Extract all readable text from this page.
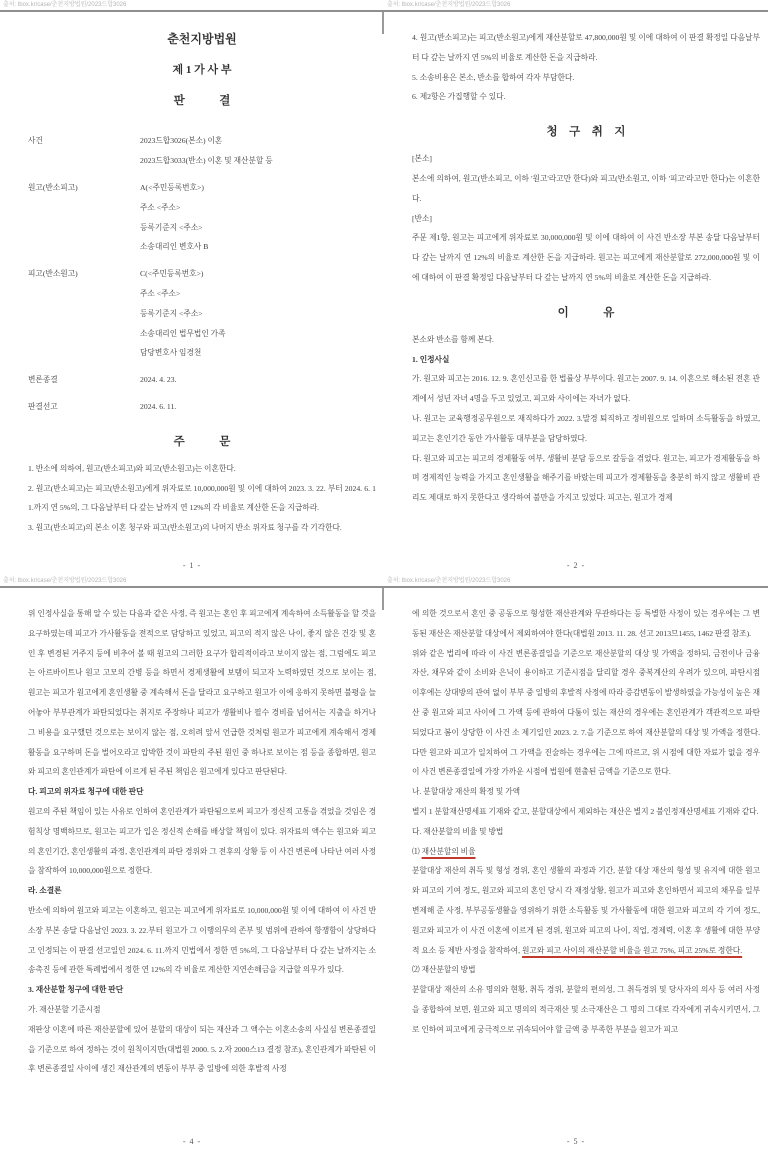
출처: lbox.kr/case/춘천지방법원/2023드합3026
춘천지방법원
제 1 가 사 부
판　　　결
사건	2023드합3026(본소) 이혼
2023드합3033(반소) 이혼 및 재산분할 등
원고(반소피고)	A(<주민등록번호>)
주소 <주소>
등록기준지 <주소>
소송대리인 변호사 B
피고(반소원고)	C(<주민등록번호>)
주소 <주소>
등록기준지 <주소>
소송대리인 법무법인 가족
담당변호사 임경천
변론종결	2024. 4. 23.
판결선고	2024. 6. 11.
주　　　문
1. 반소에 의하여, 원고(반소피고)와 피고(반소원고)는 이혼한다.
2. 원고(반소피고)는 피고(반소원고)에게 위자료로 10,000,000원 및 이에 대하여 2023. 3. 22. 부터 2024. 6. 11.까지 연 5%의, 그 다음날부터 다 갚는 날까지 연 12%의 각 비율로 계산한 돈을 지급하라.
3. 원고(반소피고)의 본소 이혼 청구와 피고(반소원고)의 나머지 반소 위자료 청구를 각 기각한다.
- 1 -
출처: lbox.kr/case/춘천지방법원/2023드합3026
4. 원고(반소피고)는 피고(반소원고)에게 재산분할로 47,800,000원 및 이에 대하여 이 판결 확정일 다음날부터 다 갚는 날까지 연 5%의 비율로 계산한 돈을 지급하라.
5. 소송비용은 본소, 반소를 합하여 각자 부담한다.
6. 제2항은 가집행할 수 있다.
청　구　취　지
[본소]
본소에 의하여, 원고(반소피고, 이하 '원고'라고만 한다)와 피고(반소원고, 이하 '피고'라고만 한다)는 이혼한다.
[반소]
주문 제1항, 원고는 피고에게 위자료로 30,000,000원 및 이에 대하여 이 사건 반소장 부본 송달 다음날부터 다 갚는 날까지 연 12%의 비율로 계산한 돈을 지급하라. 원고는 피고에게 재산분할로 272,000,000원 및 이에 대하여 이 판결 확정일 다음날부터 다 갚는 날까지 연 5%의 비율로 계산한 돈을 지급하라.
이　　　유
본소와 반소를 함께 본다.
1. 인정사실
가. 원고와 피고는 2016. 12. 9. 혼인신고를 한 법률상 부부이다. 원고는 2007. 9. 14. 이혼으로 해소된 전혼 관계에서 성년 자녀 4명을 두고 있었고, 피고와 사이에는 자녀가 없다.
나. 원고는 교육행정공무원으로 재직하다가 2022. 3.말경 퇴직하고 정비원으로 일하며 소득활동을 하였고, 피고는 혼인기간 동안 가사활동 대부분을 담당하였다.
다. 원고와 피고는 피고의 경제활동 여부, 생활비 분담 등으로 갈등을 겪었다. 원고는, 피고가 경제활동을 하며 경제적인 능력을 가지고 혼인생활을 해주기를 바랐는데 피고가 경제활동을 충분히 하지 않고 생활비 관리도 제대로 하지 못한다고 생각하여 불만을 가지고 있었다. 피고는, 원고가 경제
- 2 -
출처: lbox.kr/case/춘천지방법원/2023드합3026
위 인정사실을 통해 알 수 있는 다음과 같은 사정, 즉 원고는 혼인 후 피고에게 계속하여 소득활동을 할 것을 요구하였는데 피고가 가사활동을 전적으로 담당하고 있었고, 피고의 적지 않은 나이, 좋지 않은 건강 및 혼인 후 변경된 거주지 등에 비추어 볼 때 원고의 그러한 요구가 합리적이라고 보이지 않는 점, 그럼에도 피고는 아르바이트나 원고 고모의 간병 등을 하면서 경제생활에 보탬이 되고자 노력하였던 것으로 보이는 점, 원고는 피고가 원고에게 혼인생활 중 계속해서 돈을 달라고 요구하고 원고가 이에 응하지 못하면 불평을 늘어놓아 부부관계가 파탄되었다는 취지로 주장하나 피고가 생활비나 필수 경비를 넘어서는 지출을 하거나 그 비용을 요구했던 것으로는 보이지 않는 점, 오히려 앞서 언급한 것처럼 원고가 피고에게 계속해서 경제활동을 요구하며 돈을 벌어오라고 압박한 것이 파탄의 주된 원인 중 하나로 보이는 점 등을 종합하면, 원고와 피고의 혼인관계가 파탄에 이르게 된 주된 책임은 원고에게 있다고 판단된다.
다. 피고의 위자료 청구에 대한 판단
원고의 주된 책임이 있는 사유로 인하여 혼인관계가 파탄됨으로써 피고가 정신적 고통을 겪었을 것임은 경험칙상 명백하므로, 원고는 피고가 입은 정신적 손해를 배상할 책임이 있다. 위자료의 액수는 원고와 피고의 혼인기간, 혼인생활의 과정, 혼인관계의 파탄 경위와 그 전후의 상황 등 이 사건 변론에 나타난 여러 사정을 참작하여 10,000,000원으로 정한다.
라. 소결론
반소에 의하여 원고와 피고는 이혼하고, 원고는 피고에게 위자료로 10,000,000원 및 이에 대하여 이 사건 반소장 부본 송달 다음날인 2023. 3. 22.부터 원고가 그 이행의무의 존부 및 범위에 관하여 항쟁함이 상당하다고 인정되는 이 판결 선고일인 2024. 6. 11.까지 민법에서 정한 연 5%의, 그 다음날부터 다 갚는 날까지는 소송촉진 등에 관한 특례법에서 정한 연 12%의 각 비율로 계산한 지연손해금을 지급할 의무가 있다.
3. 재산분할 청구에 대한 판단
가. 재산분할 기준시점
재판상 이혼에 따른 재산분할에 있어 분할의 대상이 되는 재산과 그 액수는 이혼소송의 사실심 변론종결일을 기준으로 하여 정하는 것이 원칙이지만(대법원 2000. 5. 2.자 2000스13 결정 참조), 혼인관계가 파탄된 이후 변론종결일 사이에 생긴 재산관계의 변동이 부부 중 일방에 의한 후발적 사정
- 4 -
출처: lbox.kr/case/춘천지방법원/2023드합3026
에 의한 것으로서 혼인 중 공동으로 형성한 재산관계와 무관하다는 등 특별한 사정이 있는 경우에는 그 변동된 재산은 재산분할 대상에서 제외하여야 한다(대법원 2013. 11. 28. 선고 2013므1455, 1462 판결 참조).
위와 같은 법리에 따라 이 사건 변론종결일을 기준으로 재산분할의 대상 및 가액을 정하되, 금전이나 금융자산, 채무와 같이 소비와 은닉이 용이하고 기준시점을 달리할 경우 중복계산의 우려가 있으며, 파탄시점 이후에는 상대방의 관여 없이 부부 중 일방의 후발적 사정에 따라 증감변동이 발생하였을 가능성이 높은 재산 중 원고와 피고 사이에 그 가액 등에 관하여 다툼이 있는 재산의 경우에는 혼인관계가 객관적으로 파탄되었다고 봄이 상당한 이 사건 소 제기일인 2023. 2. 7.을 기준으로 하여 재산분할의 대상 및 가액을 정한다. 다만 원고와 피고가 일치하여 그 가액을 진술하는 경우에는 그에 따르고, 위 시점에 대한 자료가 없을 경우 이 사건 변론종결일에 가장 가까운 시점에 법원에 현출된 금액을 기준으로 한다.
나. 분할대상 재산의 확정 및 가액
별지 1 분할재산명세표 기재와 같고, 분할대상에서 제외하는 재산은 별지 2 불인정재산명세표 기재와 같다.
다. 재산분할의 비율 및 방법
⑴ 재산분할의 비율
분할대상 재산의 취득 및 형성 경위, 혼인 생활의 과정과 기간, 분할 대상 재산의 형성 및 유지에 대한 원고와 피고의 기여 정도, 원고와 피고의 혼인 당시 각 재정상황, 원고가 피고와 혼인하면서 피고의 채무를 일부 변제해 준 사정, 부부공동생활을 영위하기 위한 소득활동 및 가사활동에 대한 원고와 피고의 각 기여 정도, 원고와 피고가 이 사건 이혼에 이르게 된 경위, 원고와 피고의 나이, 직업, 경제력, 이혼 후 생활에 대한 부양적 요소 등 제반 사정을 참작하여, 원고와 피고 사이의 재산분할 비율을 원고 75%, 피고 25%로 정한다.
⑵ 재산분할의 방법
분할대상 재산의 소유 명의와 현황, 취득 경위, 분할의 편의성, 그 취득경위 및 당사자의 의사 등 여러 사정을 종합하여 보면, 원고와 피고 명의의 적극재산 및 소극재산은 그 명의 그대로 각자에게 귀속시키면서, 그로 인하여 피고에게 궁극적으로 귀속되어야 할 금액 중 부족한 부분을 원고가 피고
- 5 -
